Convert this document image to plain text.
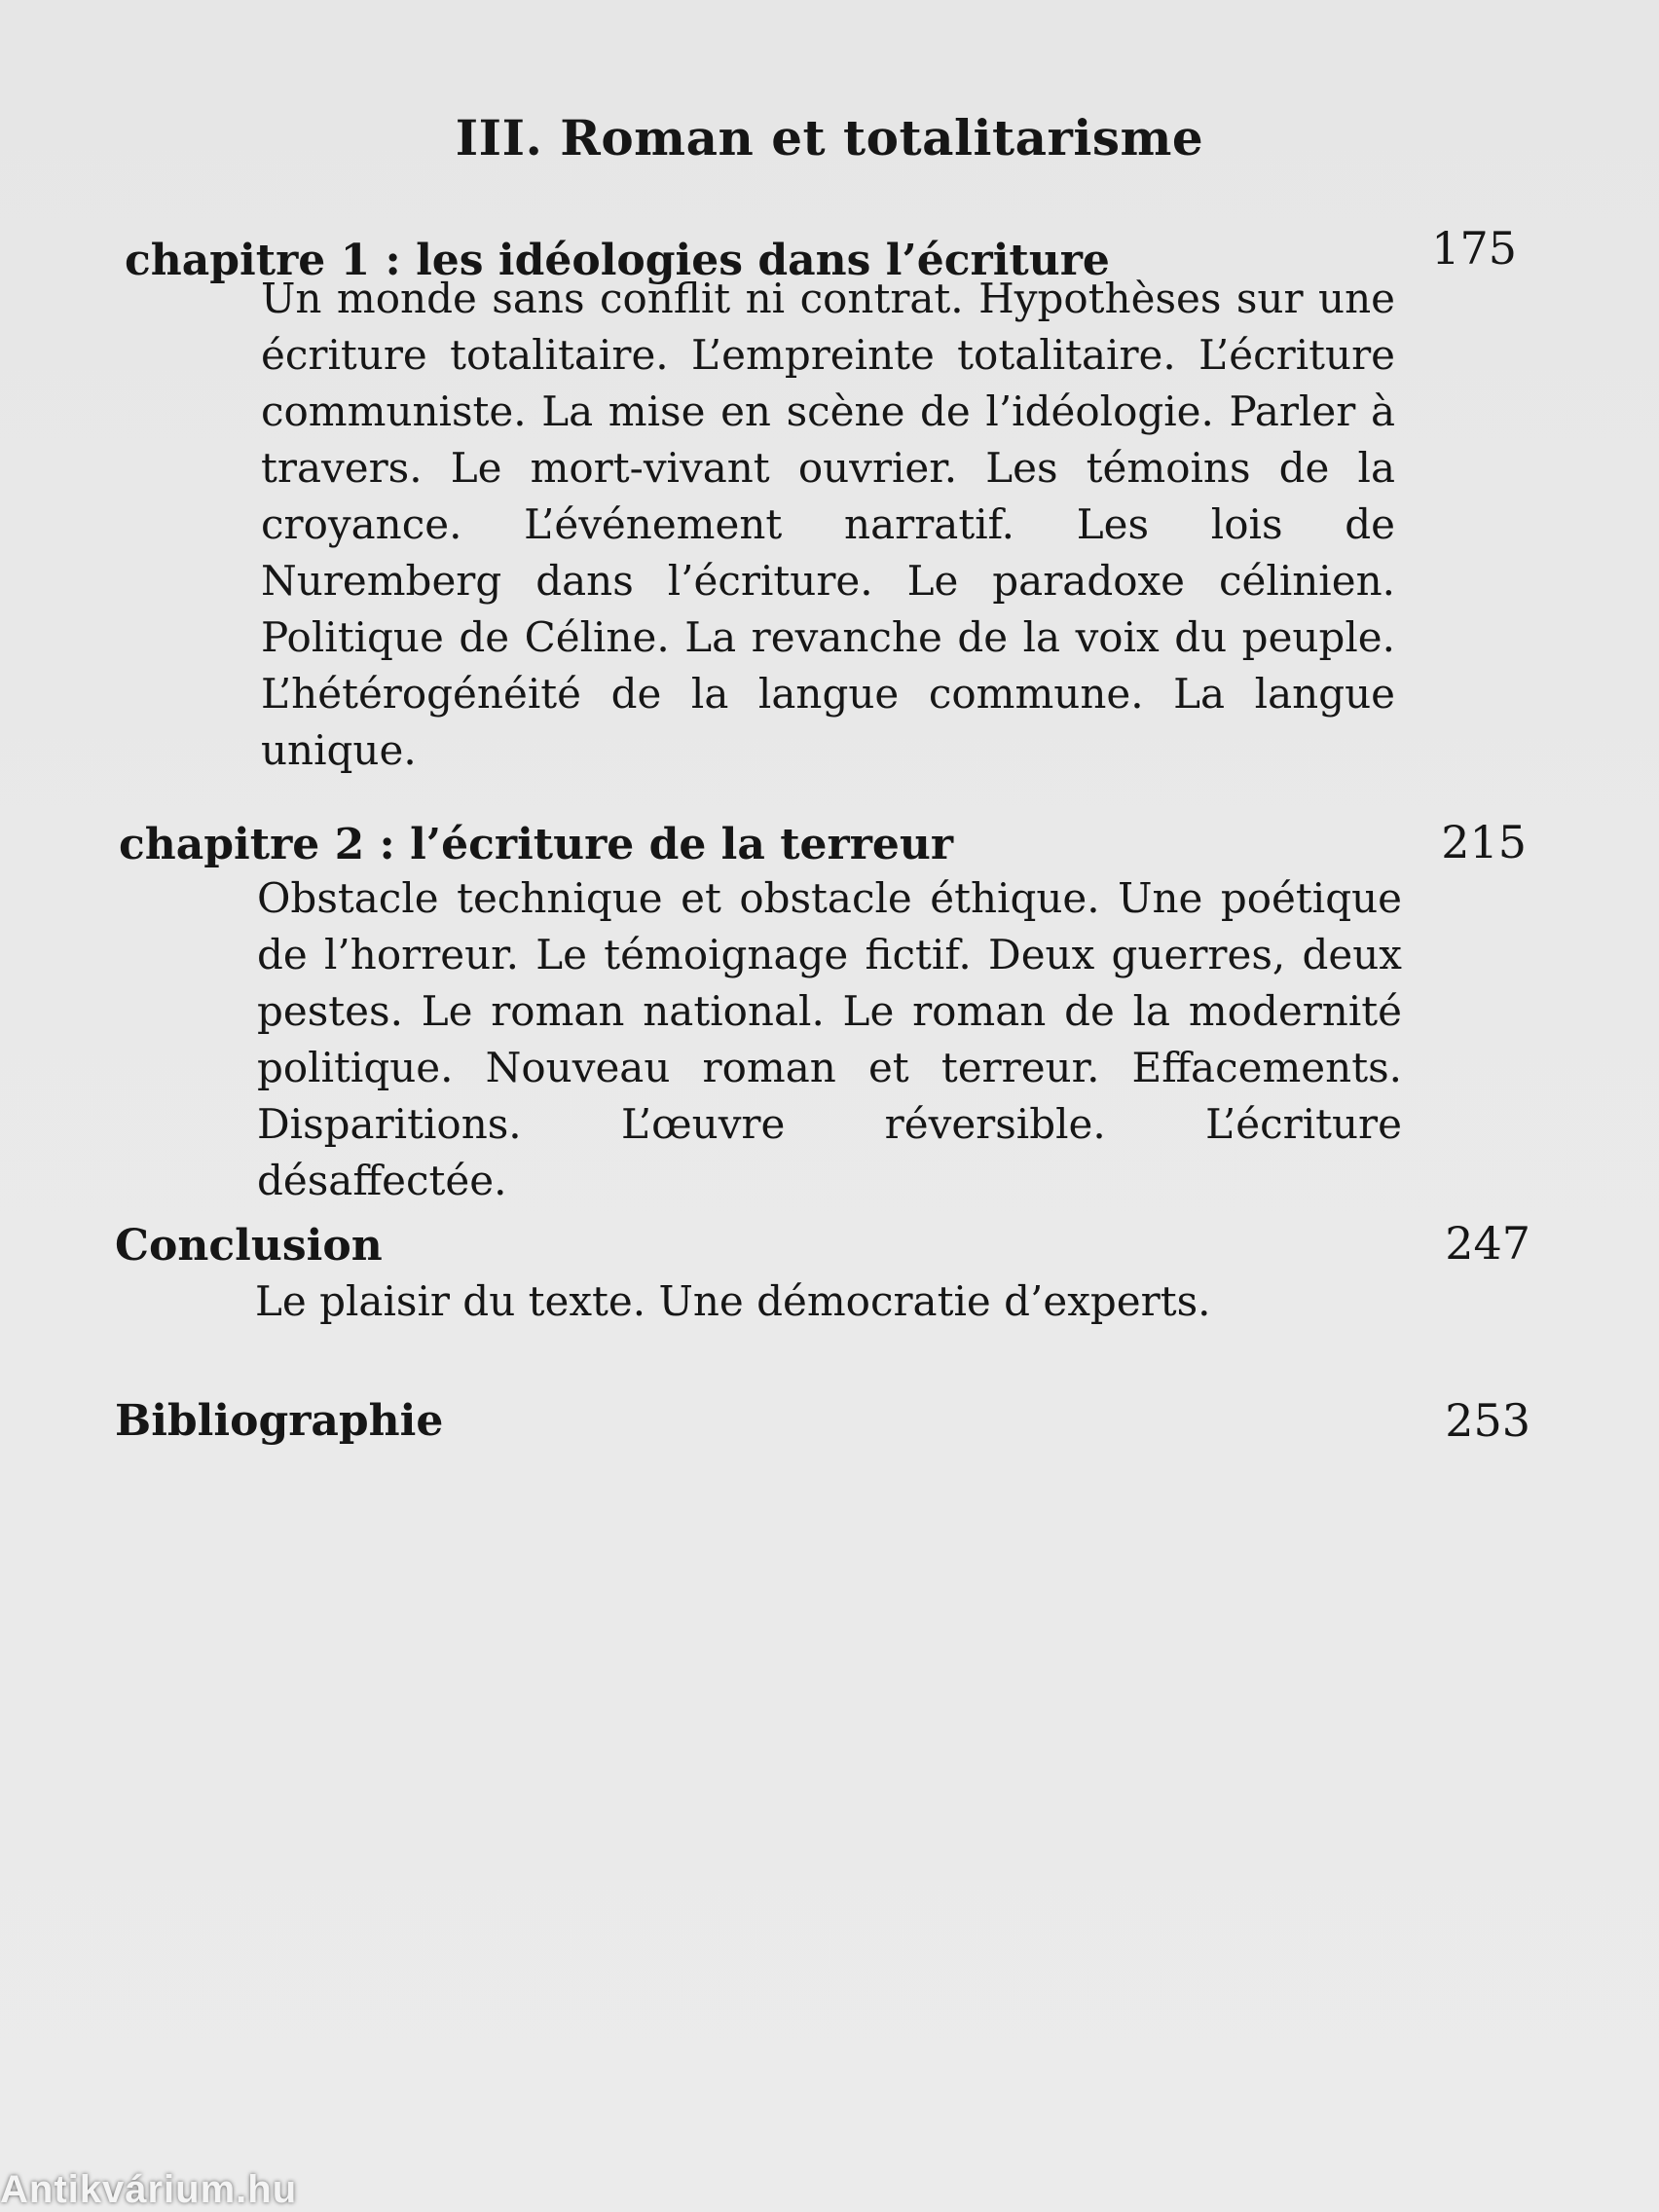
III. Roman et totalitarisme
chapitre 1 : les idéologies dans l’écriture	175
Un monde sans conflit ni contrat. Hypothèses sur une écriture totalitaire. L’empreinte totalitaire. L’écriture communiste. La mise en scène de l’idéologie. Parler à travers. Le mort-vivant ouvrier. Les témoins de la croyance. L’événement narratif. Les lois de Nuremberg dans l’écriture. Le paradoxe célinien. Politique de Céline. La revanche de la voix du peuple. L’hétérogénéité de la langue commune. La langue unique.
chapitre 2 : l’écriture de la terreur	215
Obstacle technique et obstacle éthique. Une poétique de l’horreur. Le témoignage fictif. Deux guerres, deux pestes. Le roman national. Le roman de la modernité politique. Nouveau roman et terreur. Effacements. Disparitions. L’œuvre réversible. L’écriture désaffectée.
Conclusion	247
Le plaisir du texte. Une démocratie d’experts.
Bibliographie	253
Antikvárium.hu
